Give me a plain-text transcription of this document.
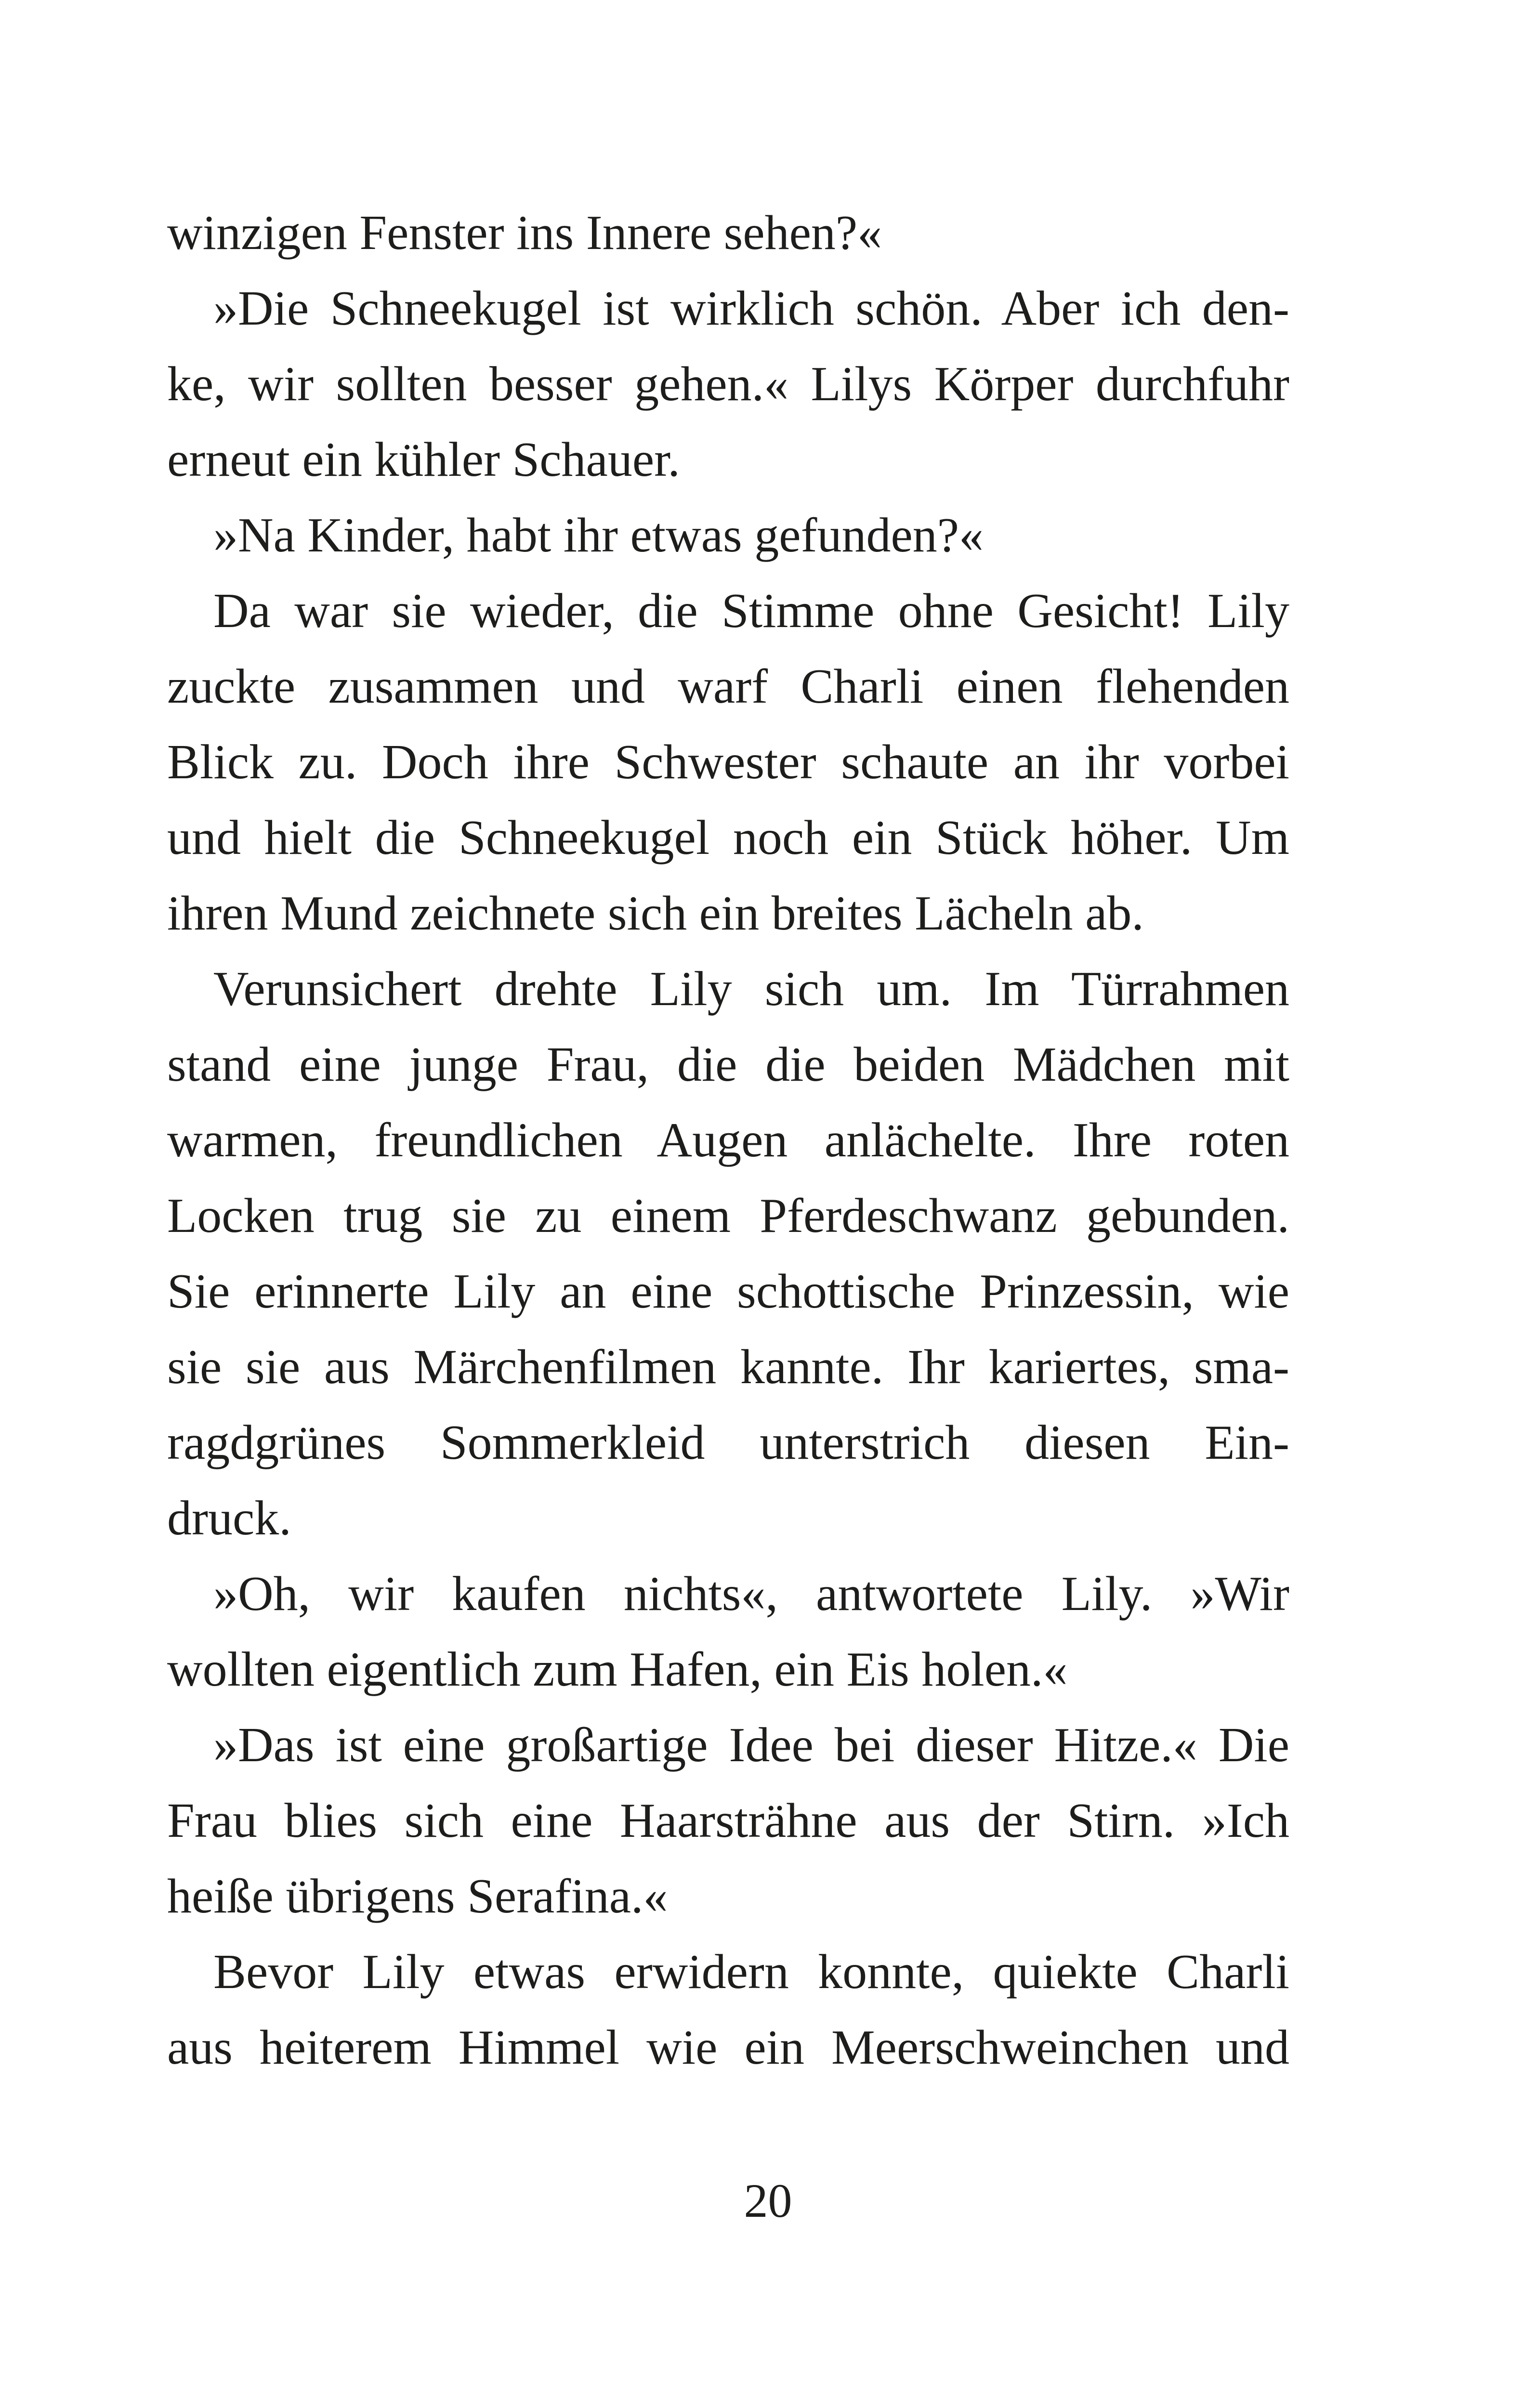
winzigen Fenster ins Innere sehen?«
»Die Schneekugel ist wirklich schön. Aber ich den-
ke, wir sollten besser gehen.« Lilys Körper durchfuhr
erneut ein kühler Schauer.
»Na Kinder, habt ihr etwas gefunden?«
Da war sie wieder, die Stimme ohne Gesicht! Lily
zuckte zusammen und warf Charli einen flehenden
Blick zu. Doch ihre Schwester schaute an ihr vorbei
und hielt die Schneekugel noch ein Stück höher. Um
ihren Mund zeichnete sich ein breites Lächeln ab.
Verunsichert drehte Lily sich um. Im Türrahmen
stand eine junge Frau, die die beiden Mädchen mit
warmen, freundlichen Augen anlächelte. Ihre roten
Locken trug sie zu einem Pferdeschwanz gebunden.
Sie erinnerte Lily an eine schottische Prinzessin, wie
sie sie aus Märchenfilmen kannte. Ihr kariertes, sma-
ragdgrünes Sommerkleid unterstrich diesen Ein-
druck.
»Oh, wir kaufen nichts«, antwortete Lily. »Wir
wollten eigentlich zum Hafen, ein Eis holen.«
»Das ist eine großartige Idee bei dieser Hitze.« Die
Frau blies sich eine Haarsträhne aus der Stirn. »Ich
heiße übrigens Serafina.«
Bevor Lily etwas erwidern konnte, quiekte Charli
aus heiterem Himmel wie ein Meerschweinchen und
20
